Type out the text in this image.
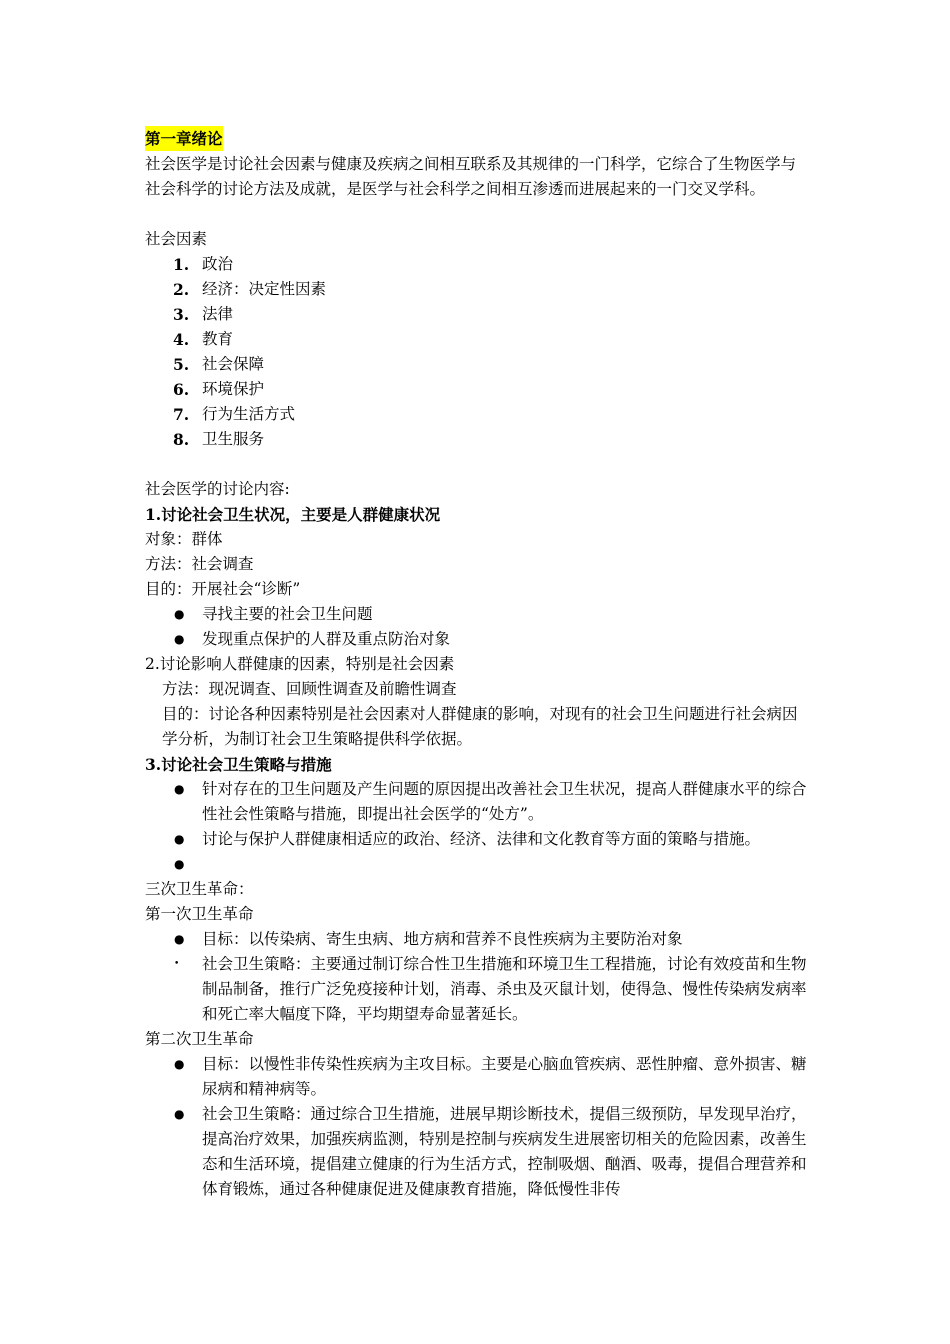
第一章绪论

社会医学是讨论社会因素与健康及疾病之间相互联系及其规律的一门科学，它综合了生物医学与社会科学的讨论方法及成就，是医学与社会科学之间相互渗透而进展起来的一门交叉学科。

社会因素

1. 政治
2. 经济：决定性因素
3. 法律
4. 教育
5. 社会保障
6. 环境保护
7. 行为生活方式
8. 卫生服务

社会医学的讨论内容:

1.讨论社会卫生状况，主要是人群健康状况

对象：群体

方法：社会调查

目的：开展社会“诊断”

●	寻找主要的社会卫生问题
●	发现重点保护的人群及重点防治对象

2.讨论影响人群健康的因素，特别是社会因素

方法：现况调查、回顾性调查及前瞻性调查

目的：讨论各种因素特别是社会因素对人群健康的影响，对现有的社会卫生问题进行社会病因学分析，为制订社会卫生策略提供科学依据。

3.讨论社会卫生策略与措施

●	针对存在的卫生问题及产生问题的原因提出改善社会卫生状况，提高人群健康水平的综合性社会性策略与措施，即提出社会医学的“处方”。
●	讨论与保护人群健康相适应的政治、经济、法律和文化教育等方面的策略与措施。
●

三次卫生革命：

第一次卫生革命

●	目标：以传染病、寄生虫病、地方病和营养不良性疾病为主要防治对象
•	社会卫生策略：主要通过制订综合性卫生措施和环境卫生工程措施，讨论有效疫苗和生物制品制备，推行广泛免疫接种计划，消毒、杀虫及灭鼠计划，使得急、慢性传染病发病率和死亡率大幅度下降，平均期望寿命显著延长。

第二次卫生革命

●	目标：以慢性非传染性疾病为主攻目标。主要是心脑血管疾病、恶性肿瘤、意外损害、糖尿病和精神病等。
●	社会卫生策略：通过综合卫生措施，进展早期诊断技术，提倡三级预防，早发现早治疗，提高治疗效果，加强疾病监测，特别是控制与疾病发生进展密切相关的危险因素，改善生态和生活环境，提倡建立健康的行为生活方式，控制吸烟、酗酒、吸毒，提倡合理营养和体育锻炼，通过各种健康促进及健康教育措施，降低慢性非传
